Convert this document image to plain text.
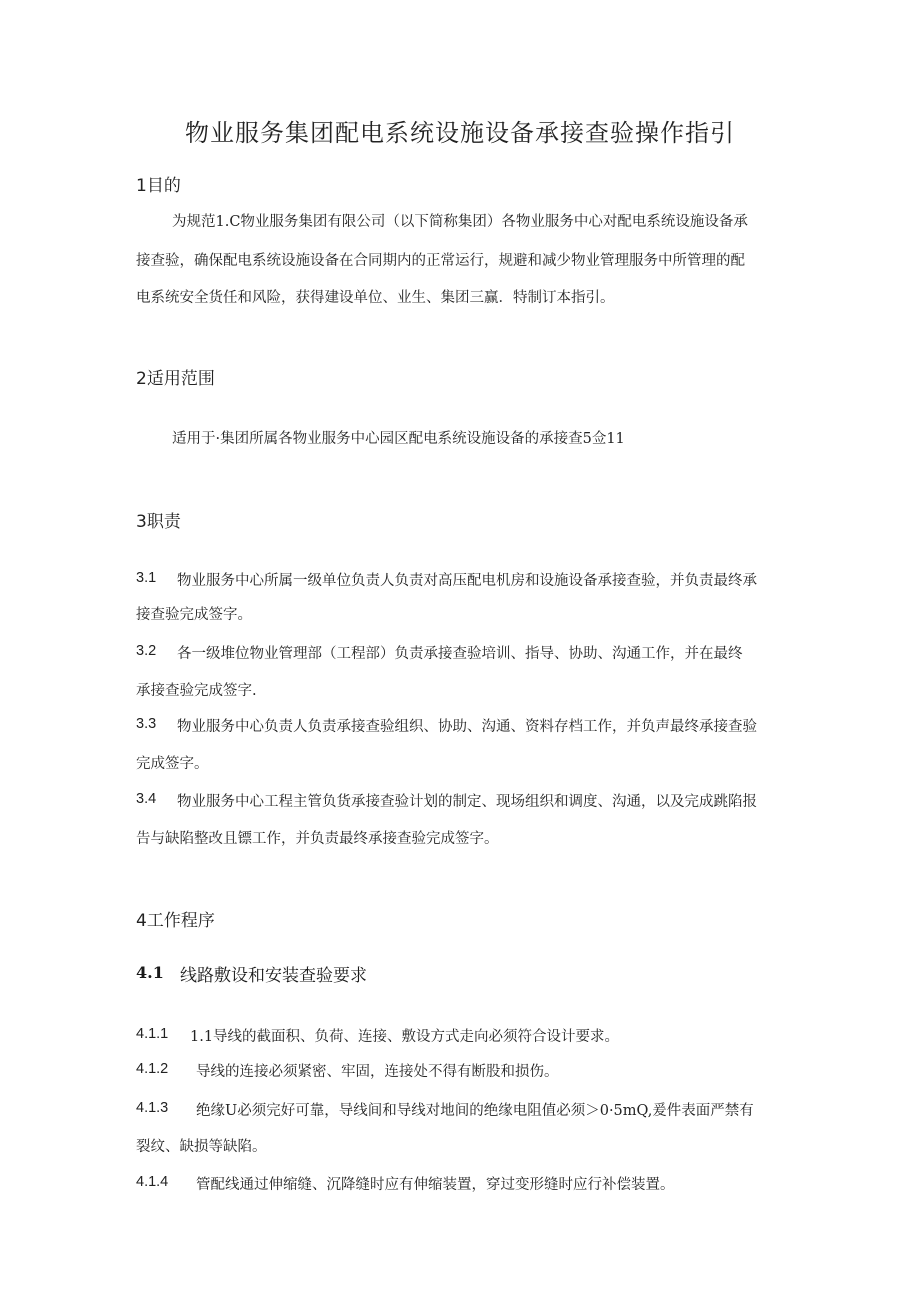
物业服务集团配电系统设施设备承接查验操作指引
1目的
为规范1.C物业服务集团有限公司（以下简称集团）各物业服务中心对配电系统设施设备承
接查验，确保配电系统设施设备在合同期内的正常运行，规避和减少物业管理服务中所管理的配
电系统安全货任和风险，获得建设单位、业生、集团三赢．特制订本指引。
2适用范围
适用于·集团所属各物业服务中心园区配电系统设施设备的承接查5佥11
3职责
3.1 物业服务中心所属一级单位负责人负责对高压配电机房和设施设备承接查验，并负责最终承
接查验完成签字。
3.2 各一级堆位物业管理部（工程部）负责承接查验培训、指导、协助、沟通工作，并在最终
承接查验完成签字.
3.3 物业服务中心负责人负责承接查验组织、协助、沟通、资料存档工作，并负声最终承接查验
完成签字。
3.4 物业服务中心工程主管负货承接查验计划的制定、现场组织和调度、沟通，以及完成跳陷报
告与缺陷整改且镖工作，并负责最终承接查验完成签字。
4工作程序
4.1 线路敷设和安装查验要求
4.1.1 1.1导线的截面积、负荷、连接、敷设方式走向必须符合设计要求。
4.1.2 导线的连接必须紧密、牢固，连接处不得有断股和损伤。
4.1.3 绝缘U必须完好可靠，导线间和导线对地间的绝缘电阻值必须＞0·5mQ,爰件表面严禁有
裂纹、缺损等缺陷。
4.1.4 管配线通过伸缩缝、沉降缝时应有伸缩装置，穿过变形缝时应行补偿装置。
